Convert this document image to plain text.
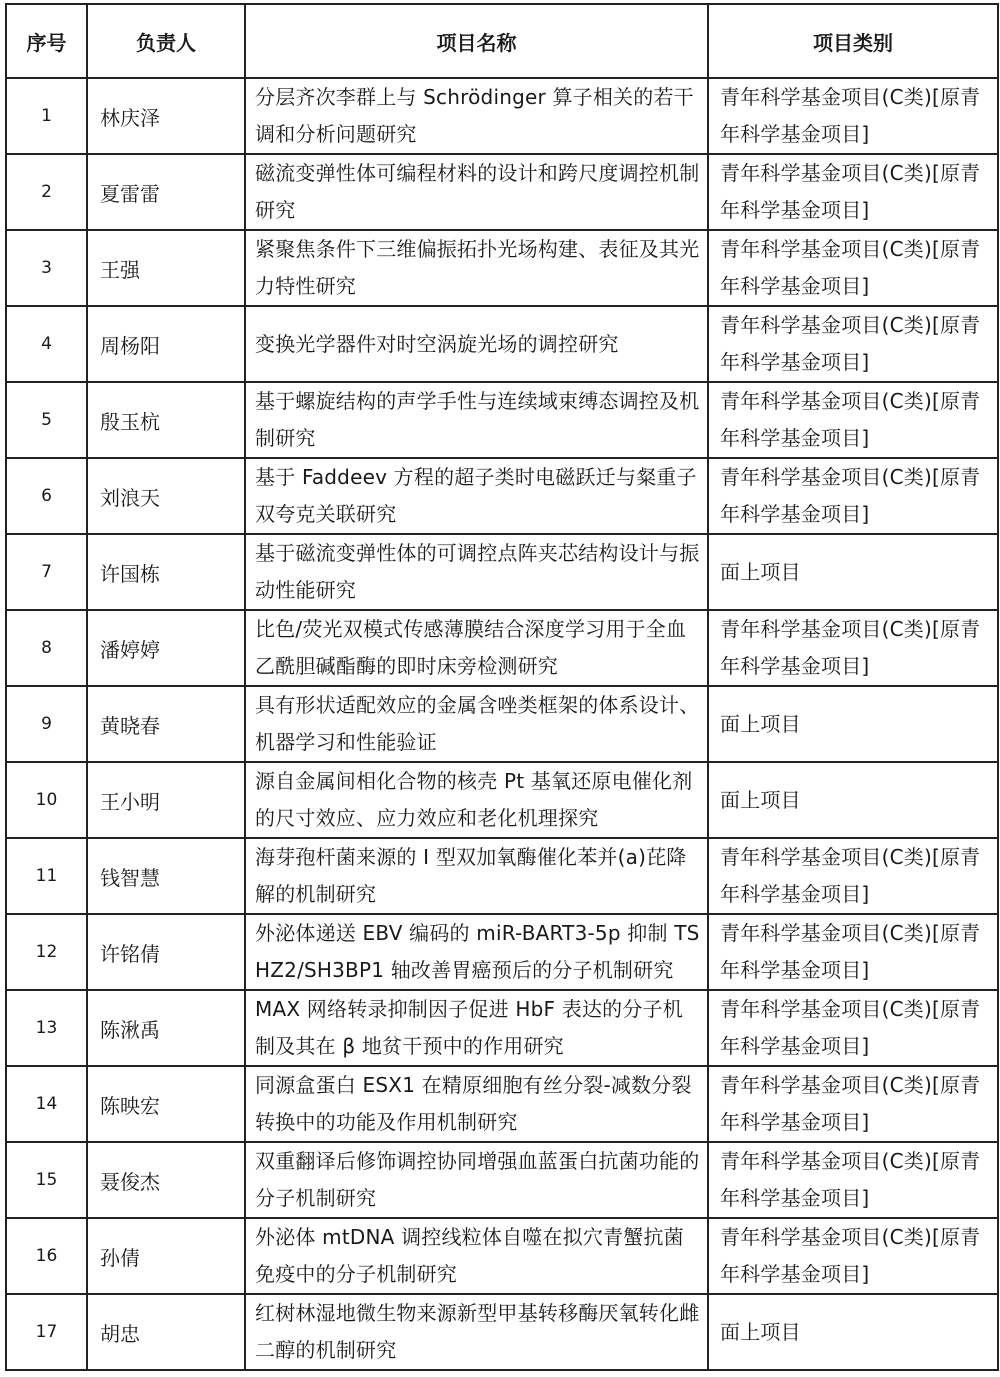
序号	负责人	项目名称	项目类别
1	林庆泽	分层齐次李群上与 Schrödinger 算子相关的若干调和分析问题研究	青年科学基金项目(C类)[原青年科学基金项目]
2	夏雷雷	磁流变弹性体可编程材料的设计和跨尺度调控机制研究	青年科学基金项目(C类)[原青年科学基金项目]
3	王强	紧聚焦条件下三维偏振拓扑光场构建、表征及其光力特性研究	青年科学基金项目(C类)[原青年科学基金项目]
4	周杨阳	变换光学器件对时空涡旋光场的调控研究	青年科学基金项目(C类)[原青年科学基金项目]
5	殷玉杭	基于螺旋结构的声学手性与连续域束缚态调控及机制研究	青年科学基金项目(C类)[原青年科学基金项目]
6	刘浪天	基于 Faddeev 方程的超子类时电磁跃迁与粲重子双夸克关联研究	青年科学基金项目(C类)[原青年科学基金项目]
7	许国栋	基于磁流变弹性体的可调控点阵夹芯结构设计与振动性能研究	面上项目
8	潘婷婷	比色/荧光双模式传感薄膜结合深度学习用于全血乙酰胆碱酯酶的即时床旁检测研究	青年科学基金项目(C类)[原青年科学基金项目]
9	黄晓春	具有形状适配效应的金属含唑类框架的体系设计、机器学习和性能验证	面上项目
10	王小明	源自金属间相化合物的核壳 Pt 基氧还原电催化剂的尺寸效应、应力效应和老化机理探究	面上项目
11	钱智慧	海芽孢杆菌来源的 I 型双加氧酶催化苯并(a)芘降解的机制研究	青年科学基金项目(C类)[原青年科学基金项目]
12	许铭倩	外泌体递送 EBV 编码的 miR-BART3-5p 抑制 TSHZ2/SH3BP1 轴改善胃癌预后的分子机制研究	青年科学基金项目(C类)[原青年科学基金项目]
13	陈湫禹	MAX 网络转录抑制因子促进 HbF 表达的分子机制及其在 β 地贫干预中的作用研究	青年科学基金项目(C类)[原青年科学基金项目]
14	陈映宏	同源盒蛋白 ESX1 在精原细胞有丝分裂-减数分裂转换中的功能及作用机制研究	青年科学基金项目(C类)[原青年科学基金项目]
15	聂俊杰	双重翻译后修饰调控协同增强血蓝蛋白抗菌功能的分子机制研究	青年科学基金项目(C类)[原青年科学基金项目]
16	孙倩	外泌体 mtDNA 调控线粒体自噬在拟穴青蟹抗菌免疫中的分子机制研究	青年科学基金项目(C类)[原青年科学基金项目]
17	胡忠	红树林湿地微生物来源新型甲基转移酶厌氧转化雌二醇的机制研究	面上项目
